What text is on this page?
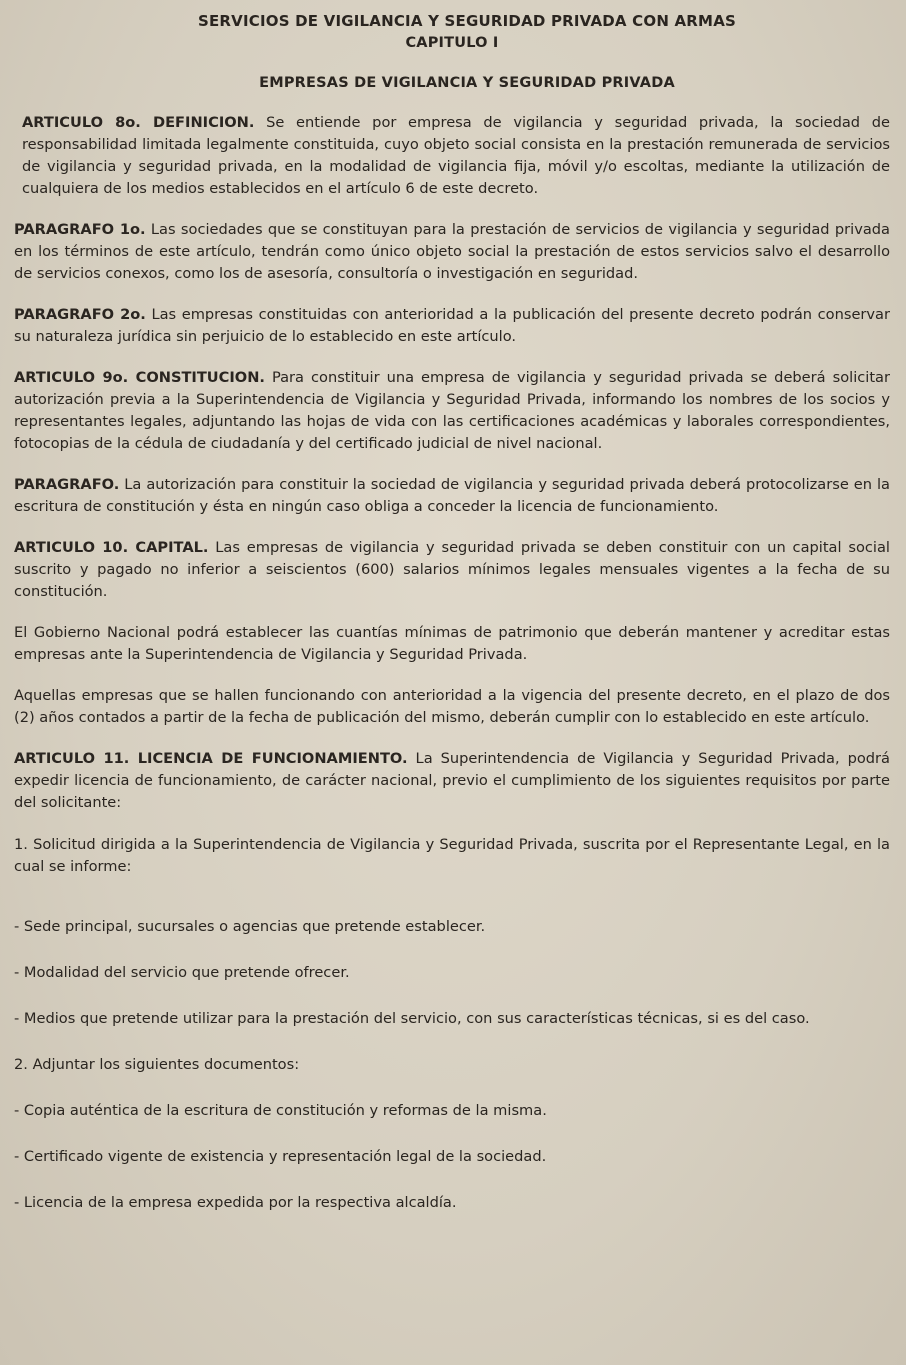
SERVICIOS DE VIGILANCIA Y SEGURIDAD PRIVADA CON ARMAS
CAPITULO I
EMPRESAS DE VIGILANCIA Y SEGURIDAD PRIVADA

ARTICULO 8o. DEFINICION. Se entiende por empresa de vigilancia y seguridad privada, la sociedad de responsabilidad limitada legalmente constituida, cuyo objeto social consista en la prestación remunerada de servicios de vigilancia y seguridad privada, en la modalidad de vigilancia fija, móvil y/o escoltas, mediante la utilización de cualquiera de los medios establecidos en el artículo 6 de este decreto.

PARAGRAFO 1o. Las sociedades que se constituyan para la prestación de servicios de vigilancia y seguridad privada en los términos de este artículo, tendrán como único objeto social la prestación de estos servicios salvo el desarrollo de servicios conexos, como los de asesoría, consultoría o investigación en seguridad.

PARAGRAFO 2o. Las empresas constituidas con anterioridad a la publicación del presente decreto podrán conservar su naturaleza jurídica sin perjuicio de lo establecido en este artículo.

ARTICULO 9o. CONSTITUCION. Para constituir una empresa de vigilancia y seguridad privada se deberá solicitar autorización previa a la Superintendencia de Vigilancia y Seguridad Privada, informando los nombres de los socios y representantes legales, adjuntando las hojas de vida con las certificaciones académicas y laborales correspondientes, fotocopias de la cédula de ciudadanía y del certificado judicial de nivel nacional.

PARAGRAFO. La autorización para constituir la sociedad de vigilancia y seguridad privada deberá protocolizarse en la escritura de constitución y ésta en ningún caso obliga a conceder la licencia de funcionamiento.

ARTICULO 10. CAPITAL. Las empresas de vigilancia y seguridad privada se deben constituir con un capital social suscrito y pagado no inferior a seiscientos (600) salarios mínimos legales mensuales vigentes a la fecha de su constitución.

El Gobierno Nacional podrá establecer las cuantías mínimas de patrimonio que deberán mantener y acreditar estas empresas ante la Superintendencia de Vigilancia y Seguridad Privada.

Aquellas empresas que se hallen funcionando con anterioridad a la vigencia del presente decreto, en el plazo de dos (2) años contados a partir de la fecha de publicación del mismo, deberán cumplir con lo establecido en este artículo.

ARTICULO 11. LICENCIA DE FUNCIONAMIENTO. La Superintendencia de Vigilancia y Seguridad Privada, podrá expedir licencia de funcionamiento, de carácter nacional, previo el cumplimiento de los siguientes requisitos por parte del solicitante:

1. Solicitud dirigida a la Superintendencia de Vigilancia y Seguridad Privada, suscrita por el Representante Legal, en la cual se informe:

- Sede principal, sucursales o agencias que pretende establecer.

- Modalidad del servicio que pretende ofrecer.

- Medios que pretende utilizar para la prestación del servicio, con sus características técnicas, si es del caso.

2. Adjuntar los siguientes documentos:

- Copia auténtica de la escritura de constitución y reformas de la misma.

- Certificado vigente de existencia y representación legal de la sociedad.

- Licencia de la empresa expedida por la respectiva alcaldía.
